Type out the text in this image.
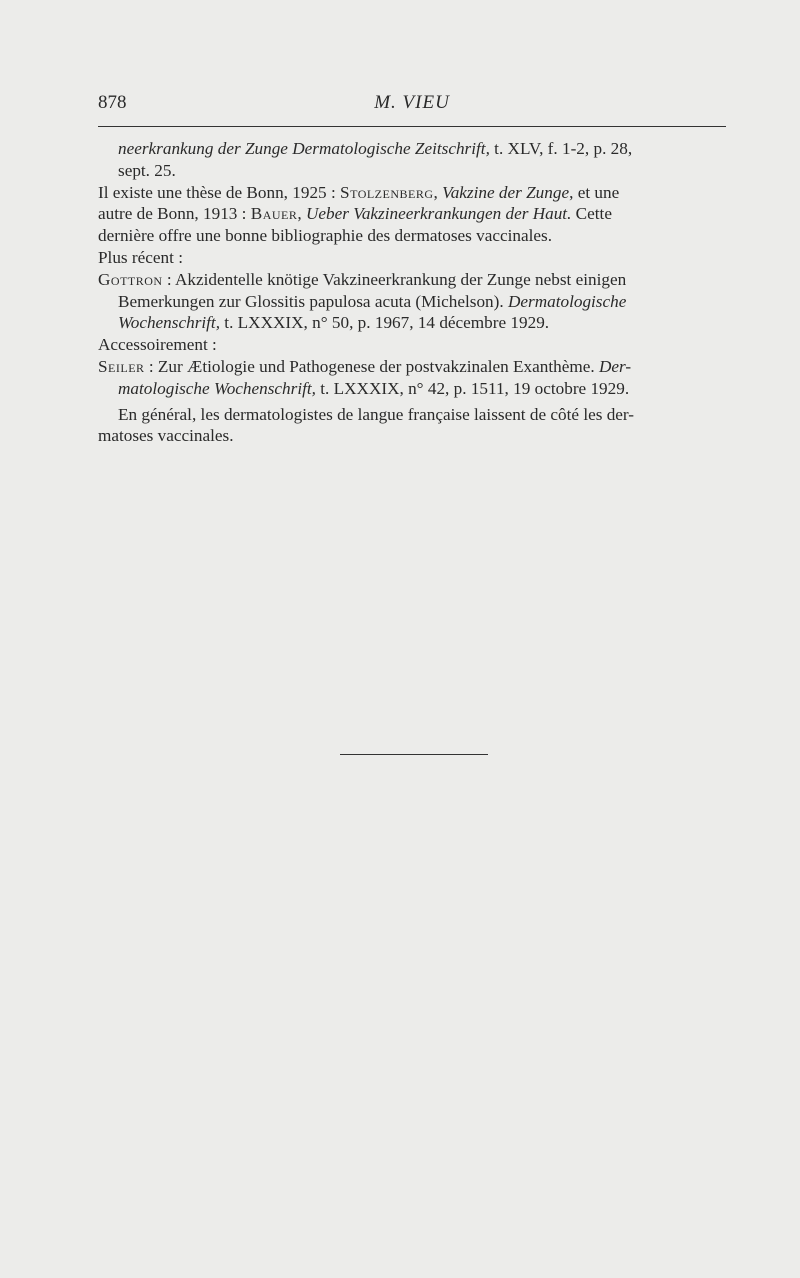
878	M. VIEU
neerkrankung der Zunge Dermatologische Zeitschrift, t. XLV, f. 1-2, p. 28,
sept. 25.
Il existe une thèse de Bonn, 1925 : Stolzenberg, Vakzine der Zunge, et une
autre de Bonn, 1913 : Bauer, Ueber Vakzineerkrankungen der Haut. Cette
dernière offre une bonne bibliographie des dermatoses vaccinales.
Plus récent :
Gottron : Akzidentelle knötige Vakzineerkrankung der Zunge nebst einigen
Bemerkungen zur Glossitis papulosa acuta (Michelson). Dermatologische
Wochenschrift, t. LXXXIX, n° 50, p. 1967, 14 décembre 1929.
Accessoirement :
Seiler : Zur Ætiologie und Pathogenese der postvakzinalen Exanthème. Der-
matologische Wochenschrift, t. LXXXIX, n° 42, p. 1511, 19 octobre 1929.
En général, les dermatologistes de langue française laissent de côté les der-
matoses vaccinales.
